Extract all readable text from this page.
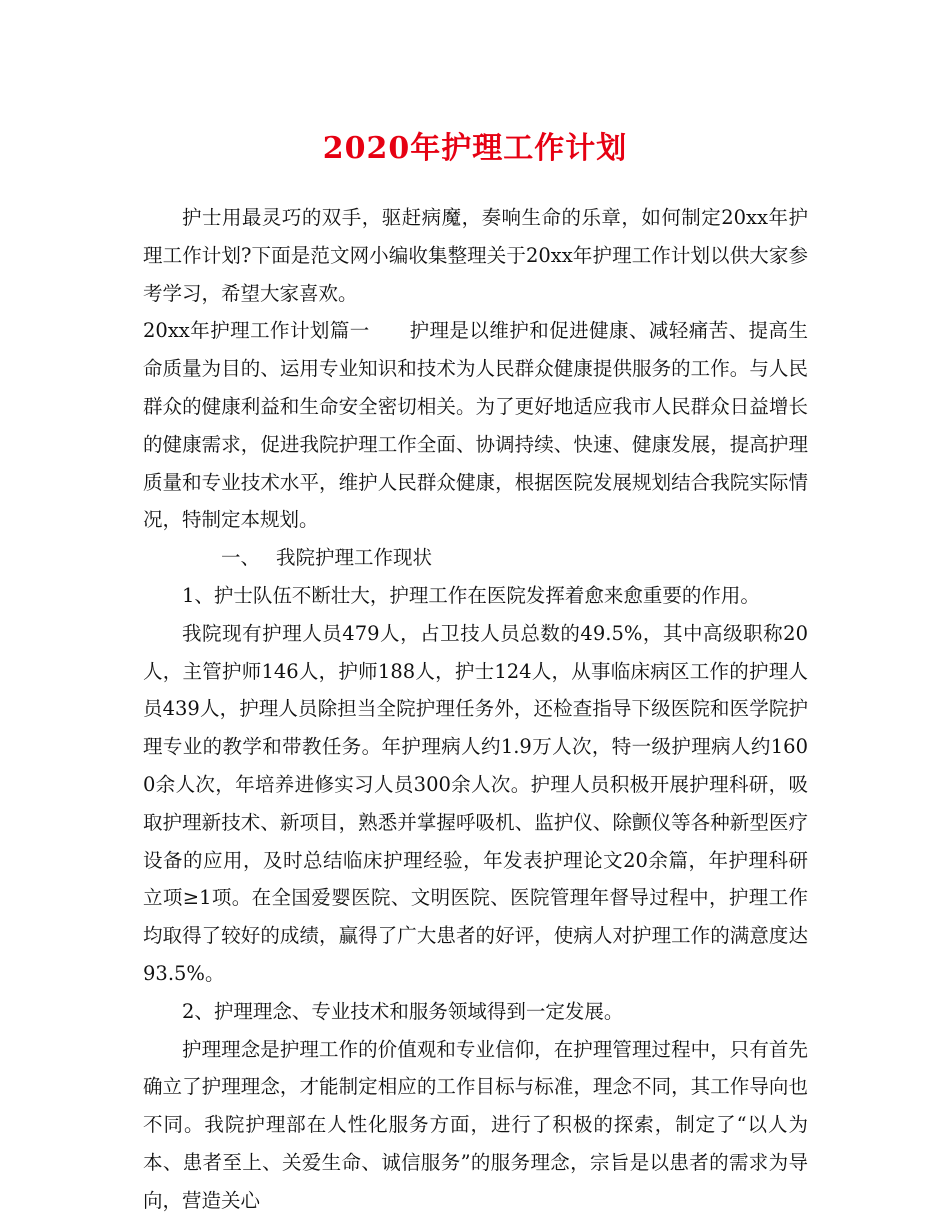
2020年护理工作计划

护士用最灵巧的双手，驱赶病魔，奏响生命的乐章，如何制定20xx年护理工作计划?下面是范文网小编收集整理关于20xx年护理工作计划以供大家参考学习，希望大家喜欢。

20xx年护理工作计划篇一　　护理是以维护和促进健康、减轻痛苦、提高生命质量为目的、运用专业知识和技术为人民群众健康提供服务的工作。与人民群众的健康利益和生命安全密切相关。为了更好地适应我市人民群众日益增长的健康需求，促进我院护理工作全面、协调持续、快速、健康发展，提高护理质量和专业技术水平，维护人民群众健康，根据医院发展规划结合我院实际情况，特制定本规划。

一、 我院护理工作现状

1、护士队伍不断壮大，护理工作在医院发挥着愈来愈重要的作用。

我院现有护理人员479人，占卫技人员总数的49.5%，其中高级职称20人，主管护师146人，护师188人，护士124人，从事临床病区工作的护理人员439人，护理人员除担当全院护理任务外，还检查指导下级医院和医学院护理专业的教学和带教任务。年护理病人约1.9万人次，特一级护理病人约1600余人次，年培养进修实习人员300余人次。护理人员积极开展护理科研，吸取护理新技术、新项目，熟悉并掌握呼吸机、监护仪、除颤仪等各种新型医疗设备的应用，及时总结临床护理经验，年发表护理论文20余篇，年护理科研立项≥1项。在全国爱婴医院、文明医院、医院管理年督导过程中，护理工作均取得了较好的成绩，赢得了广大患者的好评，使病人对护理工作的满意度达93.5%。

2、护理理念、专业技术和服务领域得到一定发展。

护理理念是护理工作的价值观和专业信仰，在护理管理过程中，只有首先确立了护理理念，才能制定相应的工作目标与标准，理念不同，其工作导向也不同。我院护理部在人性化服务方面，进行了积极的探索，制定了“以人为本、患者至上、关爱生命、诚信服务”的服务理念，宗旨是以患者的需求为导向，营造关心
